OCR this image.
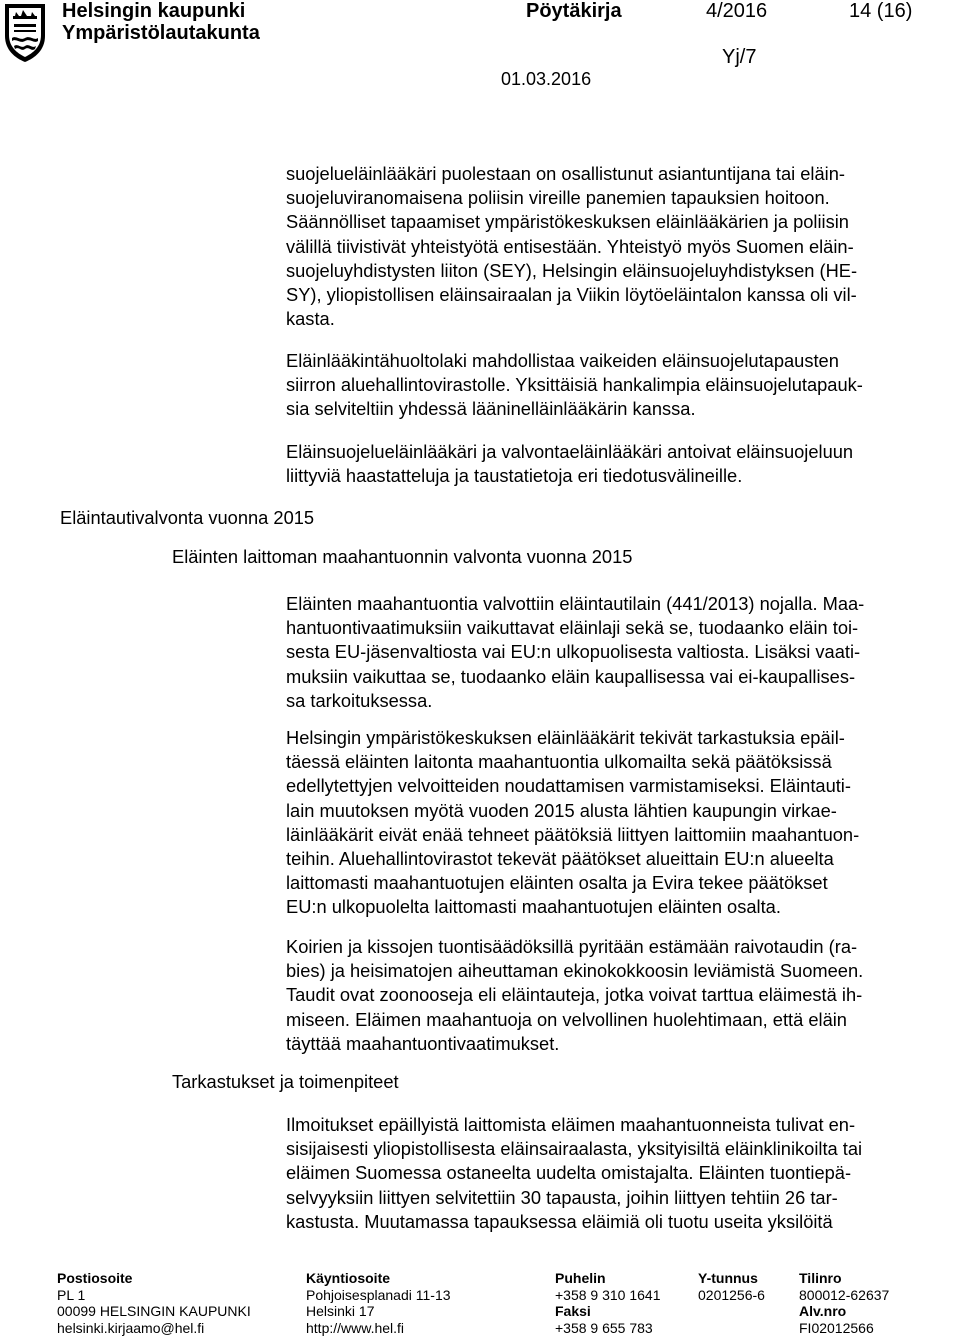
Helsingin kaupunki
Ympäristölautakunta
Pöytäkirja	4/2016	14 (16)
Yj/7
01.03.2016

suojelueläinlääkäri puolestaan on osallistunut asiantuntijana tai eläin-
suojeluviranomaisena poliisin vireille panemien tapauksien hoitoon.
Säännölliset tapaamiset ympäristökeskuksen eläinlääkärien ja poliisin
välillä tiivistivät yhteistyötä entisestään. Yhteistyö myös Suomen eläin-
suojeluyhdistysten liiton (SEY), Helsingin eläinsuojeluyhdistyksen (HE-
SY), yliopistollisen eläinsairaalan ja Viikin löytöeläintalon kanssa oli vil-
kasta.

Eläinlääkintähuoltolaki mahdollistaa vaikeiden eläinsuojelutapausten
siirron aluehallintovirastolle. Yksittäisiä hankalimpia eläinsuojelutapauk-
sia selviteltiin yhdessä lääninelläinlääkärin kanssa.

Eläinsuojelueläinlääkäri ja valvontaeläinlääkäri antoivat eläinsuojeluun
liittyviä haastatteluja ja taustatietoja eri tiedotusvälineille.

Eläinten maahantuontia valvottiin eläintautilain (441/2013) nojalla. Maa-
hantuontivaatimuksiin vaikuttavat eläinlaji sekä se, tuodaanko eläin toi-
sesta EU-jäsenvaltiosta vai EU:n ulkopuolisesta valtiosta. Lisäksi vaati-
muksiin vaikuttaa se, tuodaanko eläin kaupallisessa vai ei-kaupallises-
sa tarkoituksessa.

Helsingin ympäristökeskuksen eläinlääkärit tekivät tarkastuksia epäil-
täessä eläinten laitonta maahantuontia ulkomailta sekä päätöksissä
edellytettyjen velvoitteiden noudattamisen varmistamiseksi. Eläintauti-
lain muutoksen myötä vuoden 2015 alusta lähtien kaupungin virkae-
läinlääkärit eivät enää tehneet päätöksiä liittyen laittomiin maahantuon-
teihin. Aluehallintovirastot tekevät päätökset alueittain EU:n alueelta
laittomasti maahantuotujen eläinten osalta ja Evira tekee päätökset
EU:n ulkopuolelta laittomasti maahantuotujen eläinten osalta.

Koirien ja kissojen tuontisäädöksillä pyritään estämään raivotaudin (ra-
bies) ja heisimatojen aiheuttaman ekinokokkoosin leviämistä Suomeen.
Taudit ovat zoonooseja eli eläintauteja, jotka voivat tarttua eläimestä ih-
miseen. Eläimen maahantuoja on velvollinen huolehtimaan, että eläin
täyttää maahantuontivaatimukset.

Ilmoitukset epäillyistä laittomista eläimen maahantuonneista tulivat en-
sisijaisesti yliopistollisesta eläinsairaalasta, yksityisiltä eläinklinikoilta tai
eläimen Suomessa ostaneelta uudelta omistajalta. Eläinten tuontiepä-
selvyyksiin liittyen selvitettiin 30 tapausta, joihin liittyen tehtiin 26 tar-
kastusta. Muutamassa tapauksessa eläimiä oli tuotu useita yksilöitä

Eläintautivalvonta vuonna 2015
Eläinten laittoman maahantuonnin valvonta vuonna 2015
Tarkastukset ja toimenpiteet
Postiosoite
PL 1
00099 HELSINGIN KAUPUNKI
helsinki.kirjaamo@hel.fi
Käyntiosoite
Pohjoisesplanadi 11-13
Helsinki 17
http://www.hel.fi
Puhelin
+358 9 310 1641
Faksi
+358 9 655 783
Y-tunnus
0201256-6
Tilinro
800012-62637
Alv.nro
FI02012566
